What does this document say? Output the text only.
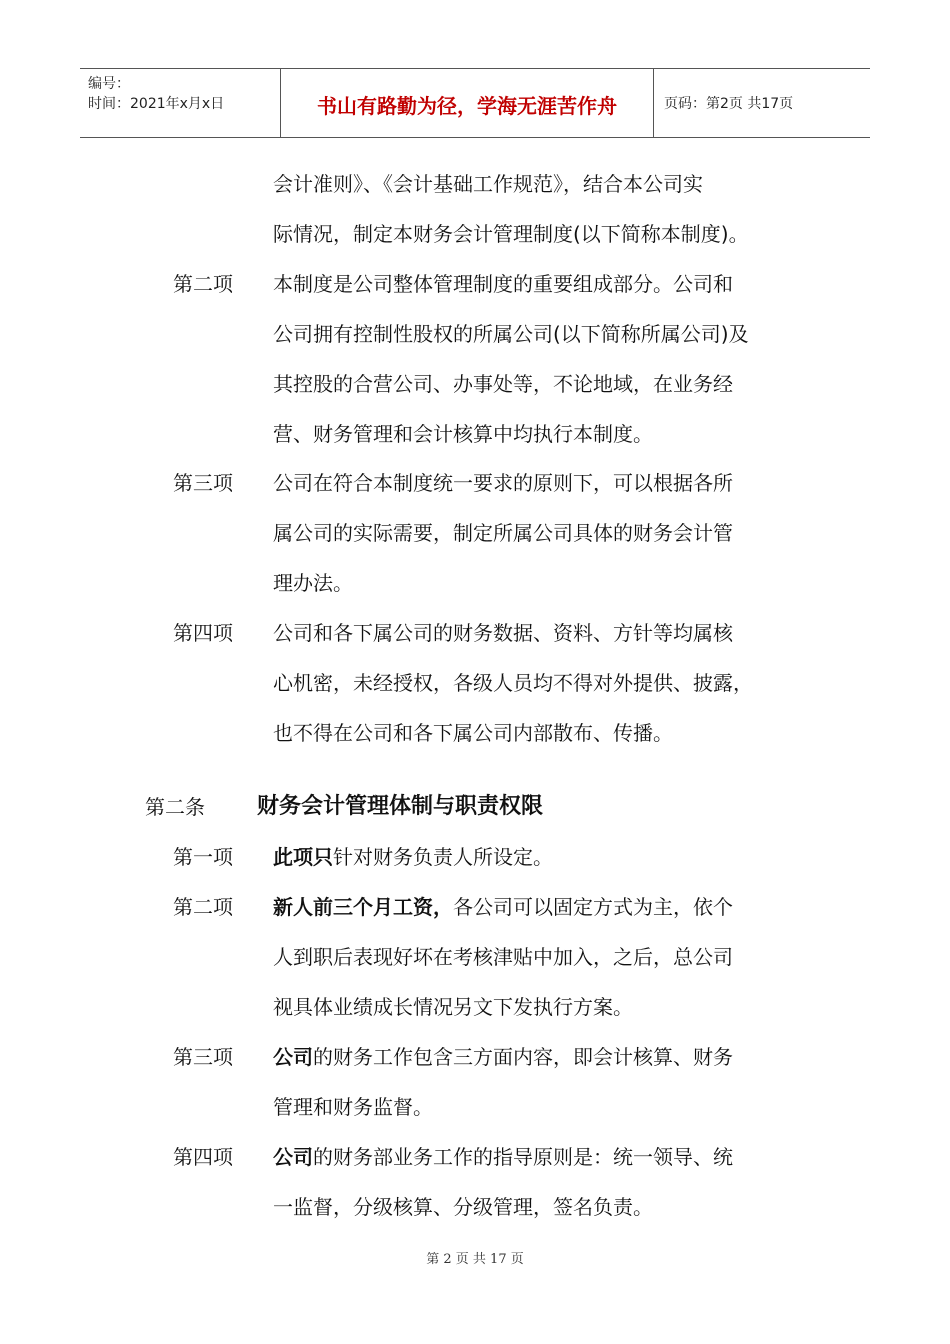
编号：
时间：2021年x月x日	书山有路勤为径，学海无涯苦作舟	页码：第2页 共17页
会计准则》、《会计基础工作规范》，结合本公司实
际情况，制定本财务会计管理制度(以下简称本制度)。
第二项 本制度是公司整体管理制度的重要组成部分。公司和
公司拥有控制性股权的所属公司(以下简称所属公司)及
其控股的合营公司、办事处等，不论地域，在业务经
营、财务管理和会计核算中均执行本制度。
第三项 公司在符合本制度统一要求的原则下，可以根据各所
属公司的实际需要，制定所属公司具体的财务会计管
理办法。
第四项 公司和各下属公司的财务数据、资料、方针等均属核
心机密，未经授权，各级人员均不得对外提供、披露，
也不得在公司和各下属公司内部散布、传播。
第二条 财务会计管理体制与职责权限
第一项 此项只针对财务负责人所设定。
第二项 新人前三个月工资，各公司可以固定方式为主，依个
人到职后表现好坏在考核津贴中加入，之后，总公司
视具体业绩成长情况另文下发执行方案。
第三项 公司的财务工作包含三方面内容，即会计核算、财务
管理和财务监督。
第四项 公司的财务部业务工作的指导原则是：统一领导、统
一监督，分级核算、分级管理，签名负责。
第 2 页 共 17 页
